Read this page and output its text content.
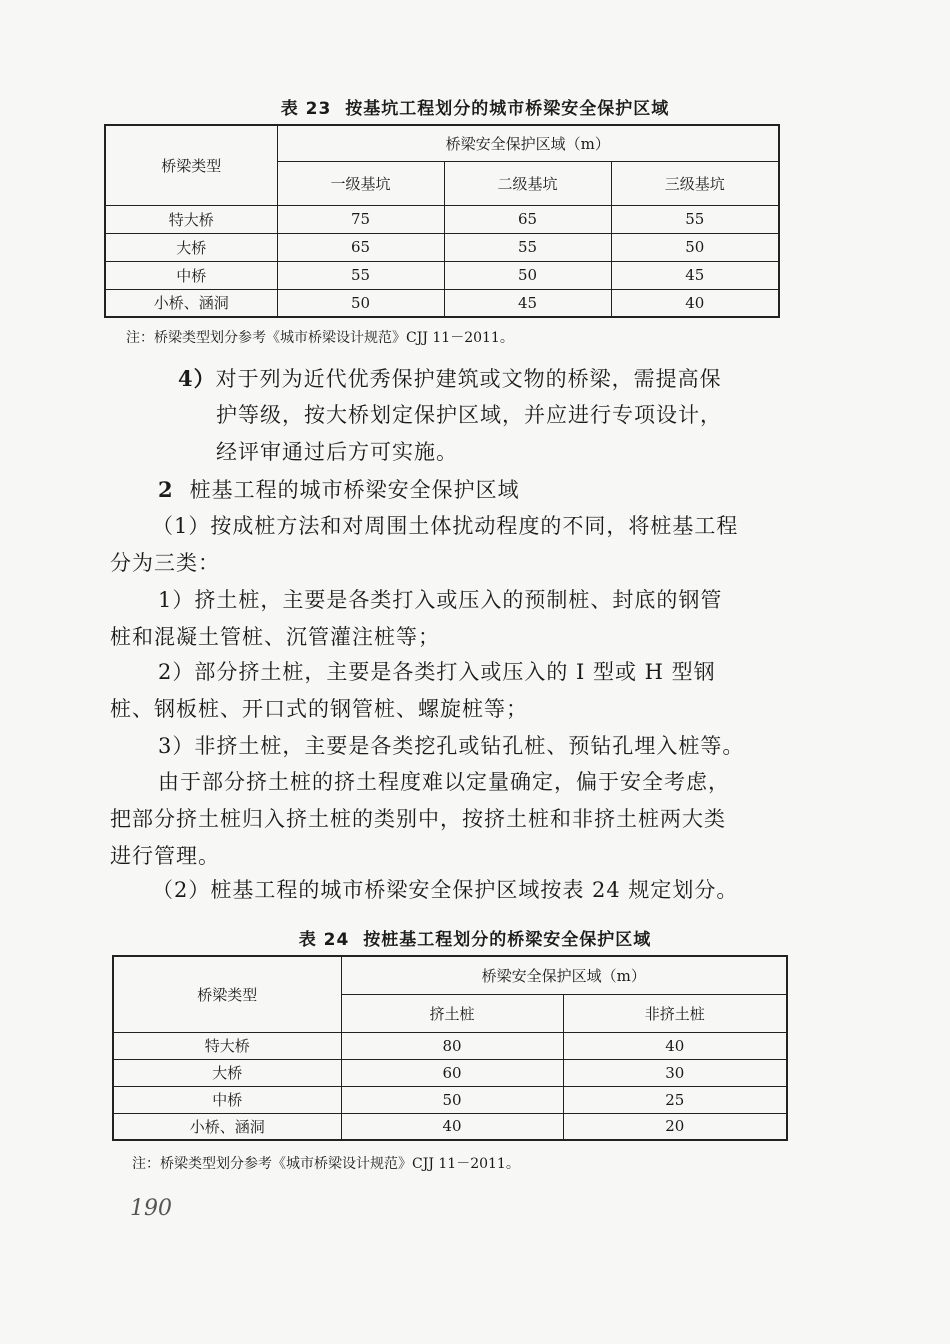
表 23 按基坑工程划分的城市桥梁安全保护区域
桥梁类型	桥梁安全保护区域（m）		
	一级基坑	二级基坑	三级基坑
特大桥	75	65	55
大桥	65	55	50
中桥	55	50	45
小桥、涵洞	50	45	40
注：桥梁类型划分参考《城市桥梁设计规范》CJJ 11－2011。
4）对于列为近代优秀保护建筑或文物的桥梁，需提高保
护等级，按大桥划定保护区域，并应进行专项设计，
经评审通过后方可实施。
2 桩基工程的城市桥梁安全保护区域
（1）按成桩方法和对周围土体扰动程度的不同，将桩基工程
分为三类：
1）挤土桩，主要是各类打入或压入的预制桩、封底的钢管
桩和混凝土管桩、沉管灌注桩等；
2）部分挤土桩，主要是各类打入或压入的 I 型或 H 型钢
桩、钢板桩、开口式的钢管桩、螺旋桩等；
3）非挤土桩，主要是各类挖孔或钻孔桩、预钻孔埋入桩等。
由于部分挤土桩的挤土程度难以定量确定，偏于安全考虑，
把部分挤土桩归入挤土桩的类别中，按挤土桩和非挤土桩两大类
进行管理。
（2）桩基工程的城市桥梁安全保护区域按表 24 规定划分。
表 24 按桩基工程划分的桥梁安全保护区域
桥梁类型	桥梁安全保护区域（m）	
	挤土桩	非挤土桩
特大桥	80	40
大桥	60	30
中桥	50	25
小桥、涵洞	40	20
注：桥梁类型划分参考《城市桥梁设计规范》CJJ 11－2011。
190
